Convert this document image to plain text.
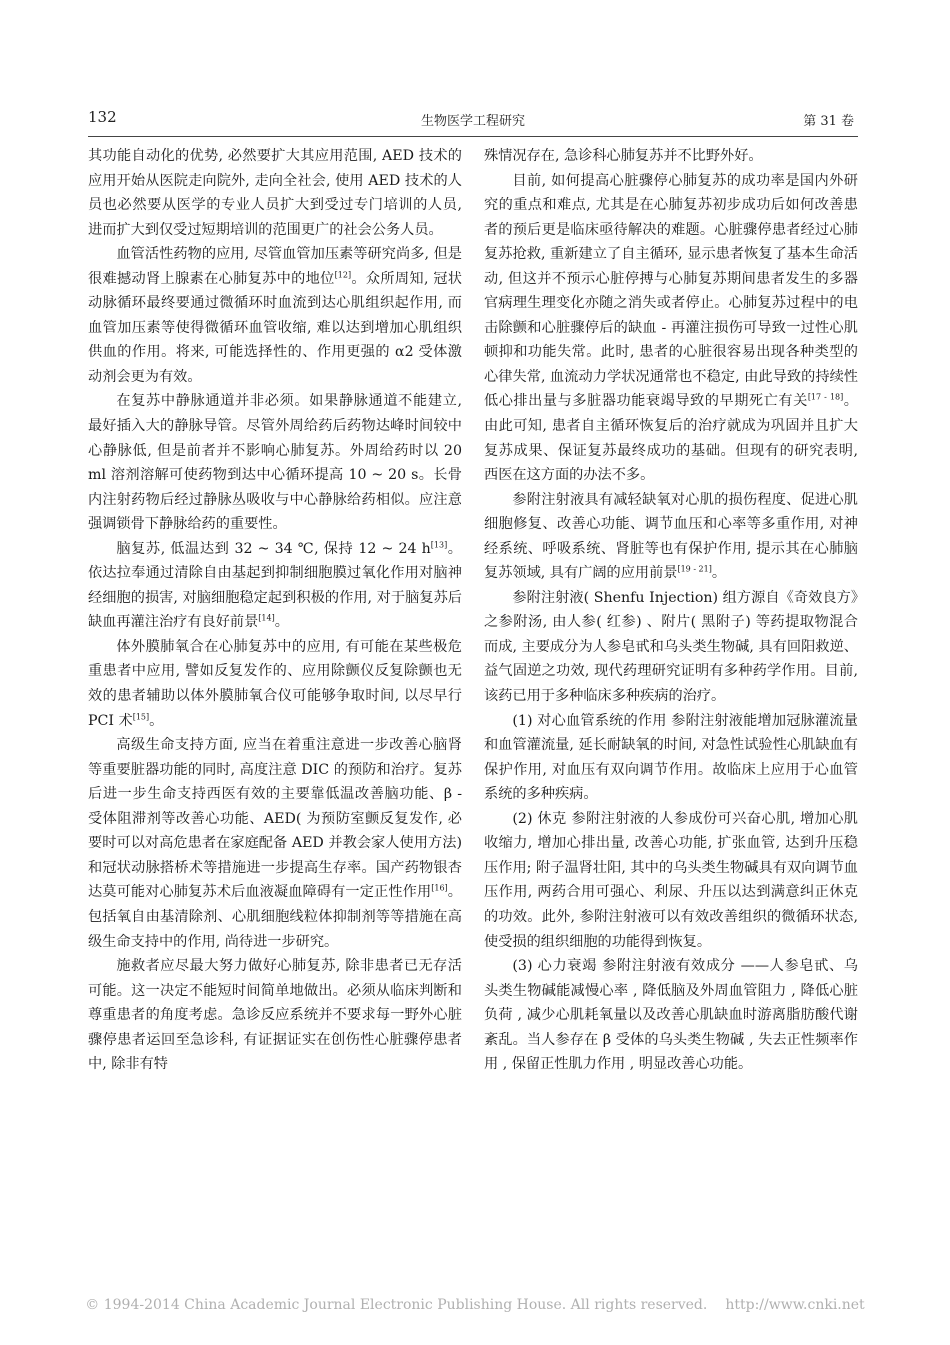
132	生物医学工程研究	第 31 卷

其功能自动化的优势, 必然要扩大其应用范围, AED 技术的应用开始从医院走向院外, 走向全社会, 使用 AED 技术的人员也必然要从医学的专业人员扩大到受过专门培训的人员, 进而扩大到仅受过短期培训的范围更广的社会公务人员。

血管活性药物的应用, 尽管血管加压素等研究尚多, 但是很难撼动肾上腺素在心肺复苏中的地位[12]。众所周知, 冠状动脉循环最终要通过微循环时血流到达心肌组织起作用, 而血管加压素等使得微循环血管收缩, 难以达到增加心肌组织供血的作用。将来, 可能选择性的、作用更强的 α2 受体激动剂会更为有效。

在复苏中静脉通道并非必须。如果静脉通道不能建立, 最好插入大的静脉导管。尽管外周给药后药物达峰时间较中心静脉低, 但是前者并不影响心肺复苏。外周给药时以 20 ml 溶剂溶解可使药物到达中心循环提高 10 ~ 20 s。长骨内注射药物后经过静脉丛吸收与中心静脉给药相似。应注意强调锁骨下静脉给药的重要性。

脑复苏, 低温达到 32 ~ 34 ℃, 保持 12 ~ 24 h[13]。依达拉奉通过清除自由基起到抑制细胞膜过氧化作用对脑神经细胞的损害, 对脑细胞稳定起到积极的作用, 对于脑复苏后缺血再灌注治疗有良好前景[14]。

体外膜肺氧合在心肺复苏中的应用, 有可能在某些极危重患者中应用, 譬如反复发作的、应用除颤仪反复除颤也无效的患者辅助以体外膜肺氧合仪可能够争取时间, 以尽早行 PCI 术[15]。

高级生命支持方面, 应当在着重注意进一步改善心脑肾等重要脏器功能的同时, 高度注意 DIC 的预防和治疗。复苏后进一步生命支持西医有效的主要靠低温改善脑功能、β - 受体阻滞剂等改善心功能、AED( 为预防室颤反复发作, 必要时可以对高危患者在家庭配备 AED 并教会家人使用方法) 和冠状动脉搭桥术等措施进一步提高生存率。国产药物银杏达莫可能对心肺复苏术后血液凝血障碍有一定正性作用[16]。包括氧自由基清除剂、心肌细胞线粒体抑制剂等等措施在高级生命支持中的作用, 尚待进一步研究。

施救者应尽最大努力做好心肺复苏, 除非患者已无存活可能。这一决定不能短时间简单地做出。必须从临床判断和尊重患者的角度考虑。急诊反应系统并不要求每一野外心脏骤停患者运回至急诊科, 有证据证实在创伤性心脏骤停患者中, 除非有特

殊情况存在, 急诊科心肺复苏并不比野外好。

目前, 如何提高心脏骤停心肺复苏的成功率是国内外研究的重点和难点, 尤其是在心肺复苏初步成功后如何改善患者的预后更是临床亟待解决的难题。心脏骤停患者经过心肺复苏抢救, 重新建立了自主循环, 显示患者恢复了基本生命活动, 但这并不预示心脏停搏与心肺复苏期间患者发生的多器官病理生理变化亦随之消失或者停止。心肺复苏过程中的电击除颤和心脏骤停后的缺血 - 再灌注损伤可导致一过性心肌顿抑和功能失常。此时, 患者的心脏很容易出现各种类型的心律失常, 血流动力学状况通常也不稳定, 由此导致的持续性低心排出量与多脏器功能衰竭导致的早期死亡有关[17 - 18]。由此可知, 患者自主循环恢复后的治疗就成为巩固并且扩大复苏成果、保证复苏最终成功的基础。但现有的研究表明, 西医在这方面的办法不多。

参附注射液具有减轻缺氧对心肌的损伤程度、促进心肌细胞修复、改善心功能、调节血压和心率等多重作用, 对神经系统、呼吸系统、肾脏等也有保护作用, 提示其在心肺脑复苏领域, 具有广阔的应用前景[19 - 21]。

参附注射液( Shenfu Injection) 组方源自《奇效良方》之参附汤, 由人参( 红参) 、附片( 黑附子) 等药提取物混合而成, 主要成分为人参皂甙和乌头类生物碱, 具有回阳救逆、益气固逆之功效, 现代药理研究证明有多种药学作用。目前, 该药已用于多种临床多种疾病的治疗。

(1) 对心血管系统的作用 参附注射液能增加冠脉灌流量和血管灌流量, 延长耐缺氧的时间, 对急性试验性心肌缺血有保护作用, 对血压有双向调节作用。故临床上应用于心血管系统的多种疾病。

(2) 休克 参附注射液的人参成份可兴奋心肌, 增加心肌收缩力, 增加心排出量, 改善心功能, 扩张血管, 达到升压稳压作用; 附子温肾壮阳, 其中的乌头类生物碱具有双向调节血压作用, 两药合用可强心、利尿、升压以达到满意纠正休克的功效。此外, 参附注射液可以有效改善组织的微循环状态, 使受损的组织细胞的功能得到恢复。

(3) 心力衰竭 参附注射液有效成分 ——人参皂甙、乌头类生物碱能减慢心率 , 降低脑及外周血管阻力 , 降低心脏负荷 , 减少心肌耗氧量以及改善心肌缺血时游离脂肪酸代谢紊乱。当人参存在 β 受体的乌头类生物碱 , 失去正性频率作用 , 保留正性肌力作用 , 明显改善心功能。

© 1994-2014 China Academic Journal Electronic Publishing House. All rights reserved. http://www.cnki.net
